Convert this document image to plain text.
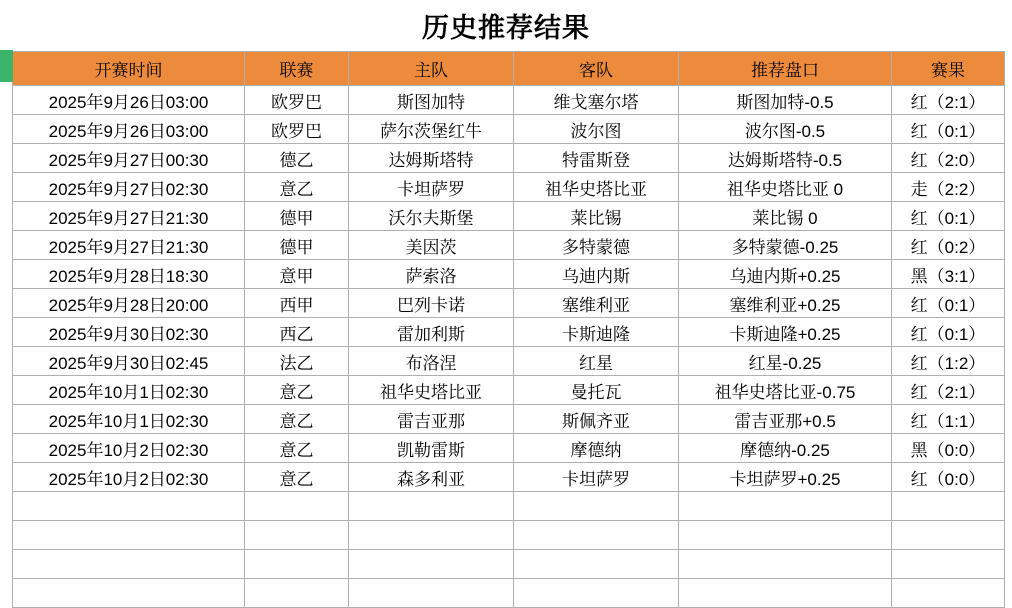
历史推荐结果
开赛时间	联赛	主队	客队	推荐盘口	赛果
2025年9月26日03:00	欧罗巴	斯图加特	维戈塞尔塔	斯图加特-0.5	红（2:1）
2025年9月26日03:00	欧罗巴	萨尔茨堡红牛	波尔图	波尔图-0.5	红（0:1）
2025年9月27日00:30	德乙	达姆斯塔特	特雷斯登	达姆斯塔特-0.5	红（2:0）
2025年9月27日02:30	意乙	卡坦萨罗	祖华史塔比亚	祖华史塔比亚 0	走（2:2）
2025年9月27日21:30	德甲	沃尔夫斯堡	莱比锡	莱比锡 0	红（0:1）
2025年9月27日21:30	德甲	美因茨	多特蒙德	多特蒙德-0.25	红（0:2）
2025年9月28日18:30	意甲	萨索洛	乌迪内斯	乌迪内斯+0.25	黑（3:1）
2025年9月28日20:00	西甲	巴列卡诺	塞维利亚	塞维利亚+0.25	红（0:1）
2025年9月30日02:30	西乙	雷加利斯	卡斯迪隆	卡斯迪隆+0.25	红（0:1）
2025年9月30日02:45	法乙	布洛涅	红星	红星-0.25	红（1:2）
2025年10月1日02:30	意乙	祖华史塔比亚	曼托瓦	祖华史塔比亚-0.75	红（2:1）
2025年10月1日02:30	意乙	雷吉亚那	斯佩齐亚	雷吉亚那+0.5	红（1:1）
2025年10月2日02:30	意乙	凯勒雷斯	摩德纳	摩德纳-0.25	黑（0:0）
2025年10月2日02:30	意乙	森多利亚	卡坦萨罗	卡坦萨罗+0.25	红（0:0）
